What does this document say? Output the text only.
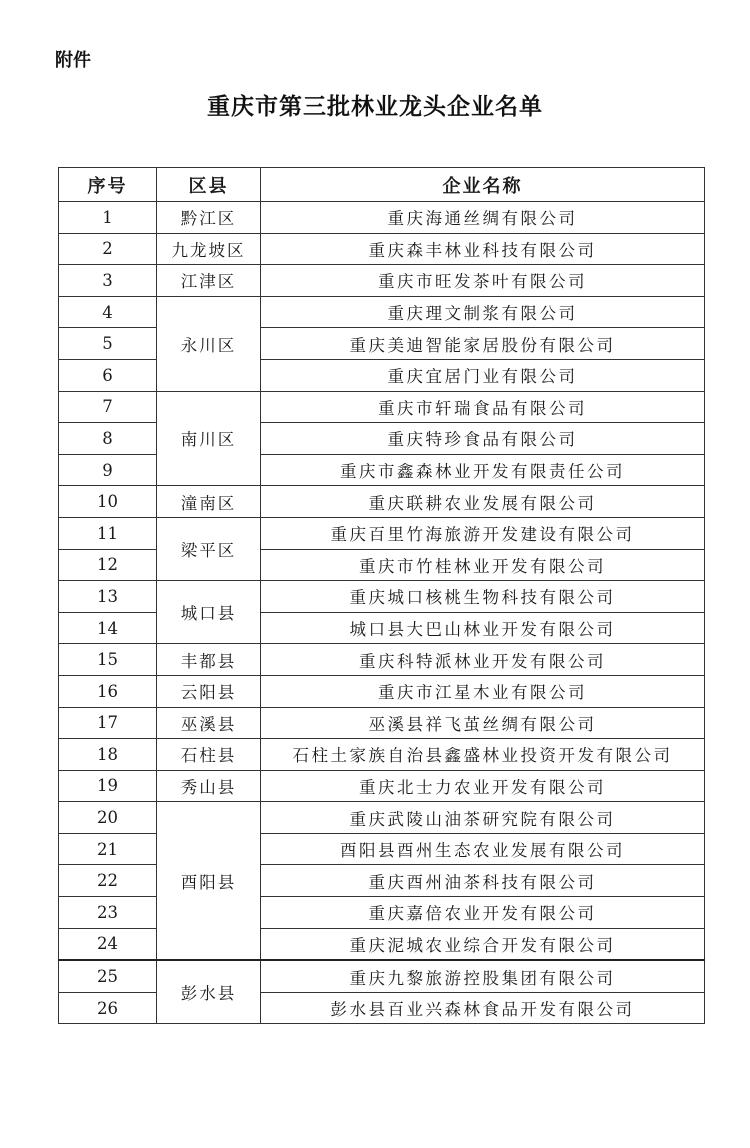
附件
重庆市第三批林业龙头企业名单
序号	区县	企业名称
1	黔江区	重庆海通丝绸有限公司
2	九龙坡区	重庆森丰林业科技有限公司
3	江津区	重庆市旺发茶叶有限公司
4	永川区	重庆理文制浆有限公司
5		重庆美迪智能家居股份有限公司
6		重庆宜居门业有限公司
7	南川区	重庆市轩瑞食品有限公司
8		重庆特珍食品有限公司
9		重庆市鑫森林业开发有限责任公司
10	潼南区	重庆联耕农业发展有限公司
11	梁平区	重庆百里竹海旅游开发建设有限公司
12		重庆市竹桂林业开发有限公司
13	城口县	重庆城口核桃生物科技有限公司
14		城口县大巴山林业开发有限公司
15	丰都县	重庆科特派林业开发有限公司
16	云阳县	重庆市江星木业有限公司
17	巫溪县	巫溪县祥飞茧丝绸有限公司
18	石柱县	石柱土家族自治县鑫盛林业投资开发有限公司
19	秀山县	重庆北士力农业开发有限公司
20	酉阳县	重庆武陵山油茶研究院有限公司
21		酉阳县酉州生态农业发展有限公司
22		重庆酉州油茶科技有限公司
23		重庆嘉倍农业开发有限公司
24		重庆泥城农业综合开发有限公司
25	彭水县	重庆九黎旅游控股集团有限公司
26		彭水县百业兴森林食品开发有限公司
